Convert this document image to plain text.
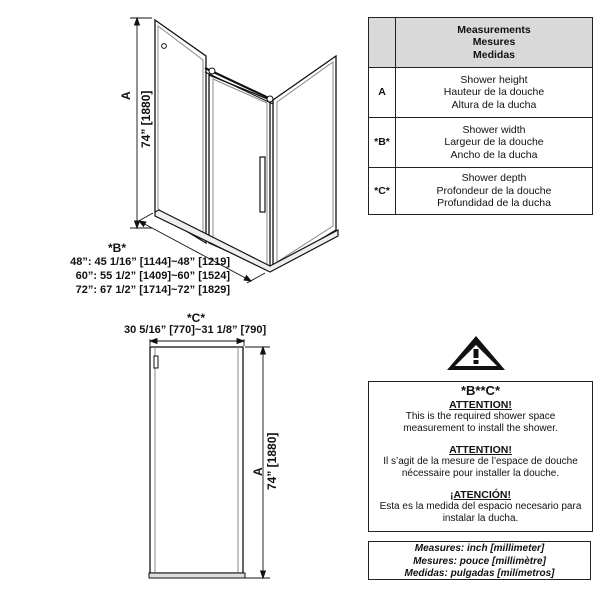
A 74” [1880]
*B*
48”: 45 1/16” [1144]~48” [1219]
60”: 55 1/2” [1409]~60” [1524]
72”: 67 1/2” [1714]~72” [1829]
*C*
30 5/16” [770]~31 1/8” [790]
A 74” [1880]

	Measurements
Mesures
Medidas

A	Shower height
Hauteur de la douche
Altura de la ducha

*B*	Shower width
Largeur de la douche
Ancho de la ducha

*C*	Shower depth
Profondeur de la douche
Profundidad de la ducha
*B**C*
ATTENTION!
This is the required shower space
measurement to install the shower.
ATTENTION!
Il s’agit de la mesure de l’espace de douche
nécessaire pour installer la douche.
¡ATENCIÓN!
Esta es la medida del espacio necesario para
instalar la ducha.
Measures: inch [millimeter]
Mesures: pouce [millimètre]
Medidas: pulgadas [milímetros]
